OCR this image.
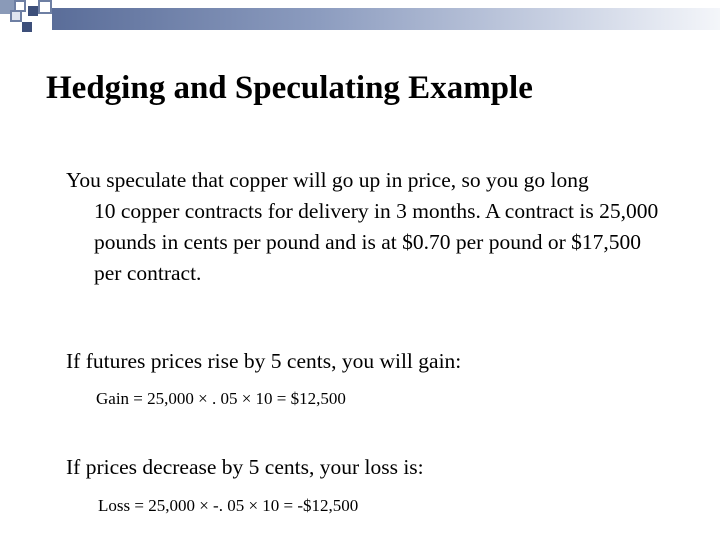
Hedging and Speculating Example
You speculate that copper will go up in price, so you go long
10 copper contracts for delivery in 3 months. A contract is 25,000 pounds in cents per pound and is at $0.70 per pound or $17,500 per contract.
If futures prices rise by 5 cents, you will gain:
Gain = 25,000 × . 05 × 10 = $12,500
If prices decrease by 5 cents, your loss is:
Loss = 25,000 × -. 05 × 10 = -$12,500
